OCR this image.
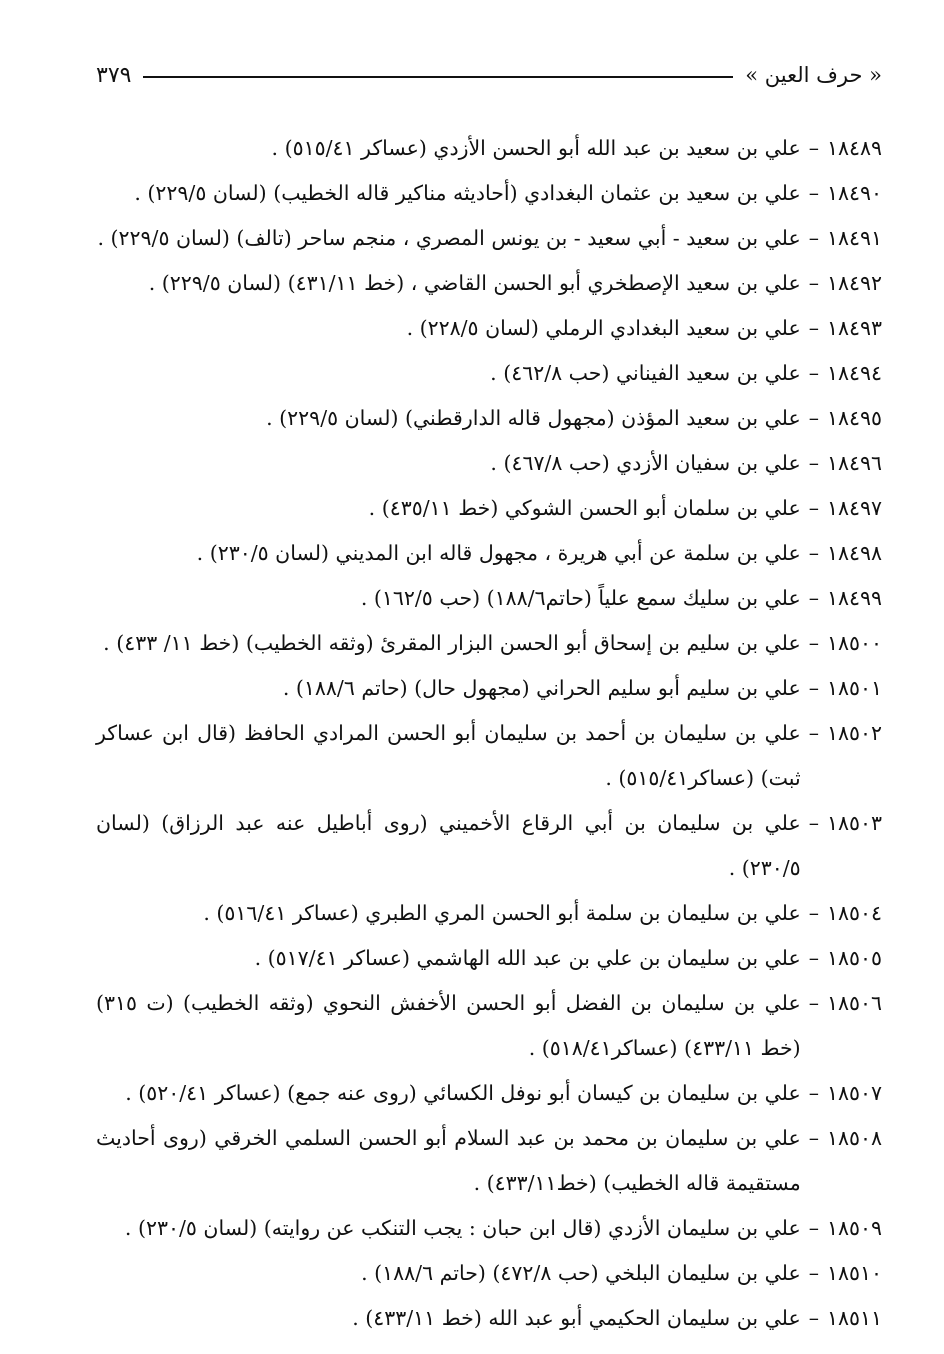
« حرف العين »
٣٧٩
١٨٤٨٩
–
علي بن سعيد بن عبد الله أبو الحسن الأزدي (عساكر ٥١٥/٤١) .
١٨٤٩٠
–
علي بن سعيد بن عثمان البغدادي (أحاديثه مناكير قاله الخطيب) (لسان ٢٢٩/٥) .
١٨٤٩١
–
علي بن سعيد - أبي سعيد - بن يونس المصري ، منجم ساحر (تالف) (لسان ٢٢٩/٥) .
١٨٤٩٢
–
علي بن سعيد الإصطخري أبو الحسن القاضي ، (خط ٤٣١/١١) (لسان ٢٢٩/٥) .
١٨٤٩٣
–
علي بن سعيد البغدادي الرملي (لسان ٢٢٨/٥) .
١٨٤٩٤
–
علي بن سعيد الفيناني (حب ٤٦٢/٨) .
١٨٤٩٥
–
علي بن سعيد المؤذن (مجهول قاله الدارقطني) (لسان ٢٢٩/٥) .
١٨٤٩٦
–
علي بن سفيان الأزدي (حب ٤٦٧/٨) .
١٨٤٩٧
–
علي بن سلمان أبو الحسن الشوكي (خط ٤٣٥/١١) .
١٨٤٩٨
–
علي بن سلمة عن أبي هريرة ، مجهول قاله ابن المديني (لسان ٢٣٠/٥) .
١٨٤٩٩
–
علي بن سليك سمع علياً (حاتم١٨٨/٦) (حب ١٦٢/٥) .
١٨٥٠٠
–
علي بن سليم بن إسحاق أبو الحسن البزار المقرئ (وثقه الخطيب) (خط ١١/ ٤٣٣) .
١٨٥٠١
–
علي بن سليم أبو سليم الحراني (مجهول حال) (حاتم ١٨٨/٦) .
١٨٥٠٢
–
علي بن سليمان بن أحمد بن سليمان أبو الحسن المرادي الحافظ (قال ابن عساكر ثبت) (عساكر٥١٥/٤١) .
١٨٥٠٣
–
علي بن سليمان بن أبي الرقاع الأخميني (روى أباطيل عنه عبد الرزاق) (لسان ٢٣٠/٥) .
١٨٥٠٤
–
علي بن سليمان بن سلمة أبو الحسن المري الطبري (عساكر ٥١٦/٤١) .
١٨٥٠٥
–
علي بن سليمان بن علي بن عبد الله الهاشمي (عساكر ٥١٧/٤١) .
١٨٥٠٦
–
علي بن سليمان بن الفضل أبو الحسن الأخفش النحوي (وثقه الخطيب) (ت ٣١٥) (خط ٤٣٣/١١) (عساكر٥١٨/٤١) .
١٨٥٠٧
–
علي بن سليمان بن كيسان أبو نوفل الكسائي (روى عنه جمع) (عساكر ٥٢٠/٤١) .
١٨٥٠٨
–
علي بن سليمان بن محمد بن عبد السلام أبو الحسن السلمي الخرقي (روى أحاديث مستقيمة قاله الخطيب) (خط٤٣٣/١١) .
١٨٥٠٩
–
علي بن سليمان الأزدي (قال ابن حبان : يجب التنكب عن روايته) (لسان ٢٣٠/٥) .
١٨٥١٠
–
علي بن سليمان البلخي (حب ٤٧٢/٨) (حاتم ١٨٨/٦) .
١٨٥١١
–
علي بن سليمان الحكيمي أبو عبد الله (خط ٤٣٣/١١) .
